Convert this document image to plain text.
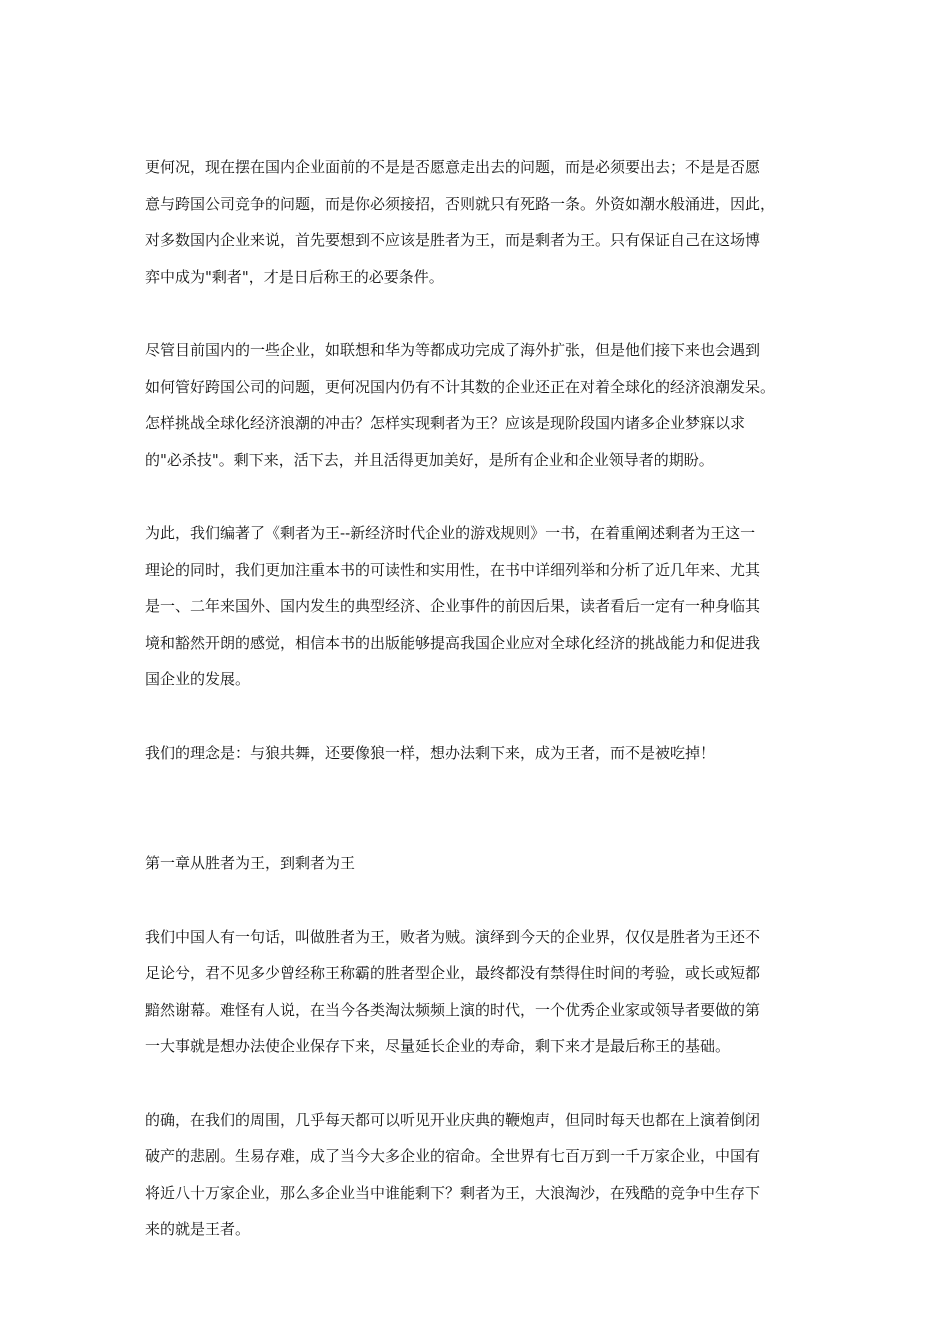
更何况，现在摆在国内企业面前的不是是否愿意走出去的问题，而是必须要出去；不是是否愿
意与跨国公司竞争的问题，而是你必须接招，否则就只有死路一条。外资如潮水般涌进，因此，
对多数国内企业来说，首先要想到不应该是胜者为王，而是剩者为王。只有保证自己在这场博
弈中成为"剩者"，才是日后称王的必要条件。

尽管目前国内的一些企业，如联想和华为等都成功完成了海外扩张，但是他们接下来也会遇到
如何管好跨国公司的问题，更何况国内仍有不计其数的企业还正在对着全球化的经济浪潮发呆。
怎样挑战全球化经济浪潮的冲击？怎样实现剩者为王？应该是现阶段国内诸多企业梦寐以求
的"必杀技"。剩下来，活下去，并且活得更加美好，是所有企业和企业领导者的期盼。

为此，我们编著了《剩者为王--新经济时代企业的游戏规则》一书，在着重阐述剩者为王这一
理论的同时，我们更加注重本书的可读性和实用性，在书中详细列举和分析了近几年来、尤其
是一、二年来国外、国内发生的典型经济、企业事件的前因后果，读者看后一定有一种身临其
境和豁然开朗的感觉，相信本书的出版能够提高我国企业应对全球化经济的挑战能力和促进我
国企业的发展。

我们的理念是：与狼共舞，还要像狼一样，想办法剩下来，成为王者，而不是被吃掉！

第一章从胜者为王，到剩者为王

我们中国人有一句话，叫做胜者为王，败者为贼。演绎到今天的企业界，仅仅是胜者为王还不
足论兮，君不见多少曾经称王称霸的胜者型企业，最终都没有禁得住时间的考验，或长或短都
黯然谢幕。难怪有人说，在当今各类淘汰频频上演的时代，一个优秀企业家或领导者要做的第
一大事就是想办法使企业保存下来，尽量延长企业的寿命，剩下来才是最后称王的基础。

的确，在我们的周围，几乎每天都可以听见开业庆典的鞭炮声，但同时每天也都在上演着倒闭
破产的悲剧。生易存难，成了当今大多企业的宿命。全世界有七百万到一千万家企业，中国有
将近八十万家企业，那么多企业当中谁能剩下？剩者为王，大浪淘沙，在残酷的竞争中生存下
来的就是王者。
